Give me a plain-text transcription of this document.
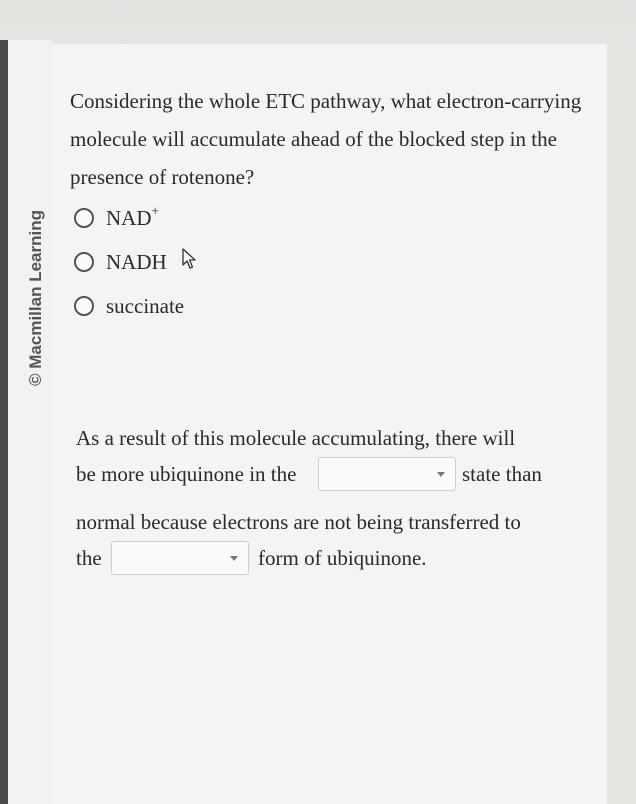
© Macmillan Learning
Considering the whole ETC pathway, what electron-carrying molecule will accumulate ahead of the blocked step in the presence of rotenone?
NAD+
NADH
succinate
As a result of this molecule accumulating, there will
be more ubiquinone in the	state than
normal because electrons are not being transferred to
the	form of ubiquinone.
